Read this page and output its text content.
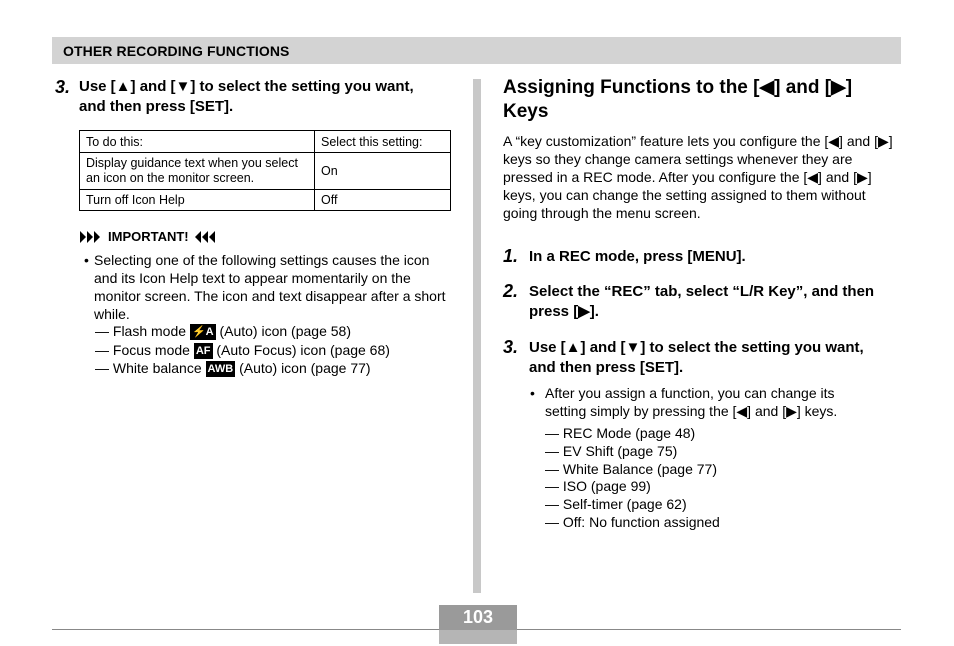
OTHER RECORDING FUNCTIONS
3. Use [▲] and [▼] to select the setting you want, and then press [SET].
To do this:	Select this setting:
Display guidance text when you select an icon on the monitor screen.	On
Turn off Icon Help	Off
IMPORTANT!
• Selecting one of the following settings causes the icon and its Icon Help text to appear momentarily on the monitor screen. The icon and text disappear after a short while.
— Flash mode ⚡A (Auto) icon (page 58)
— Focus mode AF (Auto Focus) icon (page 68)
— White balance AWB (Auto) icon (page 77)
Assigning Functions to the [◀] and [▶] Keys
A “key customization” feature lets you configure the [◀] and [▶] keys so they change camera settings whenever they are pressed in a REC mode. After you configure the [◀] and [▶] keys, you can change the setting assigned to them without going through the menu screen.
1. In a REC mode, press [MENU].
2. Select the “REC” tab, select “L/R Key”, and then press [▶].
3. Use [▲] and [▼] to select the setting you want, and then press [SET].
• After you assign a function, you can change its setting simply by pressing the [◀] and [▶] keys.
— REC Mode (page 48)
— EV Shift (page 75)
— White Balance (page 77)
— ISO (page 99)
— Self-timer (page 62)
— Off: No function assigned
103
